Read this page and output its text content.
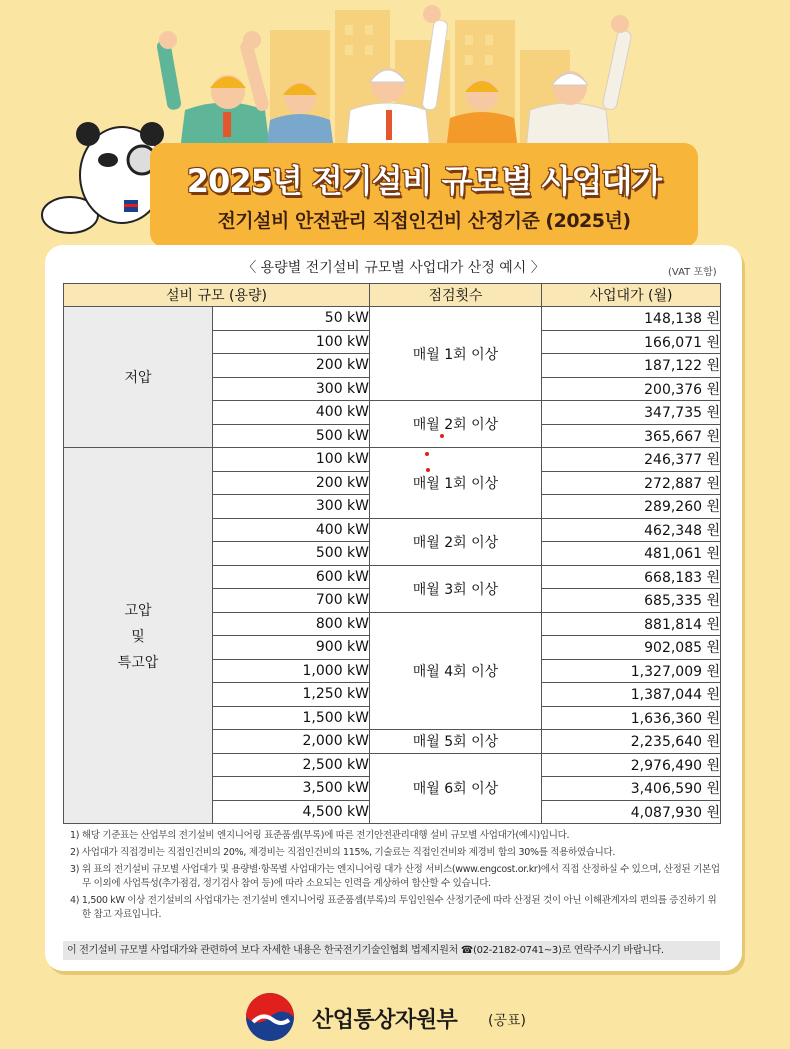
2025년 전기설비 규모별 사업대가
전기설비 안전관리 직접인건비 산정기준 (2025년)
〈 용량별 전기설비 규모별 사업대가 산정 예시 〉	(VAT 포함)
설비 규모 (용량)		점검횟수	사업대가 (월)
저압	50 kW	매월 1회 이상	148,138 원
	100 kW		166,071 원
	200 kW		187,122 원
	300 kW		200,376 원
	400 kW	매월 2회 이상	347,735 원
	500 kW		365,667 원

고압
및
특고압	100 kW	매월 1회 이상	246,377 원
	200 kW		272,887 원
	300 kW		289,260 원
	400 kW	매월 2회 이상	462,348 원
	500 kW		481,061 원
	600 kW	매월 3회 이상	668,183 원
	700 kW		685,335 원
	800 kW	매월 4회 이상	881,814 원
	900 kW		902,085 원
	1,000 kW		1,327,009 원
	1,250 kW		1,387,044 원
	1,500 kW		1,636,360 원
	2,000 kW	매월 5회 이상	2,235,640 원
	2,500 kW	매월 6회 이상	2,976,490 원
	3,500 kW		3,406,590 원
	4,500 kW		4,087,930 원

1) 해당 기준표는 산업부의 전기설비 엔지니어링 표준품셈(부록)에 따른 전기안전관리대행 설비 규모별 사업대가(예시)입니다.

2) 사업대가 직접경비는 직접인건비의 20%, 제경비는 직접인건비의 115%, 기술료는 직접인건비와 제경비 합의 30%를 적용하였습니다.

3) 위 표의 전기설비 규모별 사업대가 및 용량별·항목별 사업대가는 엔지니어링 대가 산정 서비스(www.engcost.or.kr)에서 직접 산정하실 수 있으며, 산정된 기본업무 이외에 사업특성(추가점검, 정기검사 참여 등)에 따라 소요되는 인력을 계상하여 합산할 수 있습니다.

4) 1,500 kW 이상 전기설비의 사업대가는 전기설비 엔지니어링 표준품셈(부록)의 투입인원수 산정기준에 따라 산정된 것이 아닌 이해관계자의 편의를 증진하기 위한 참고 자료입니다.

이 전기설비 규모별 사업대가와 관련하여 보다 자세한 내용은 한국전기기술인협회 법제지원처 ☎(02-2182-0741~3)로 연락주시기 바랍니다.
산업통상자원부 (공표)
